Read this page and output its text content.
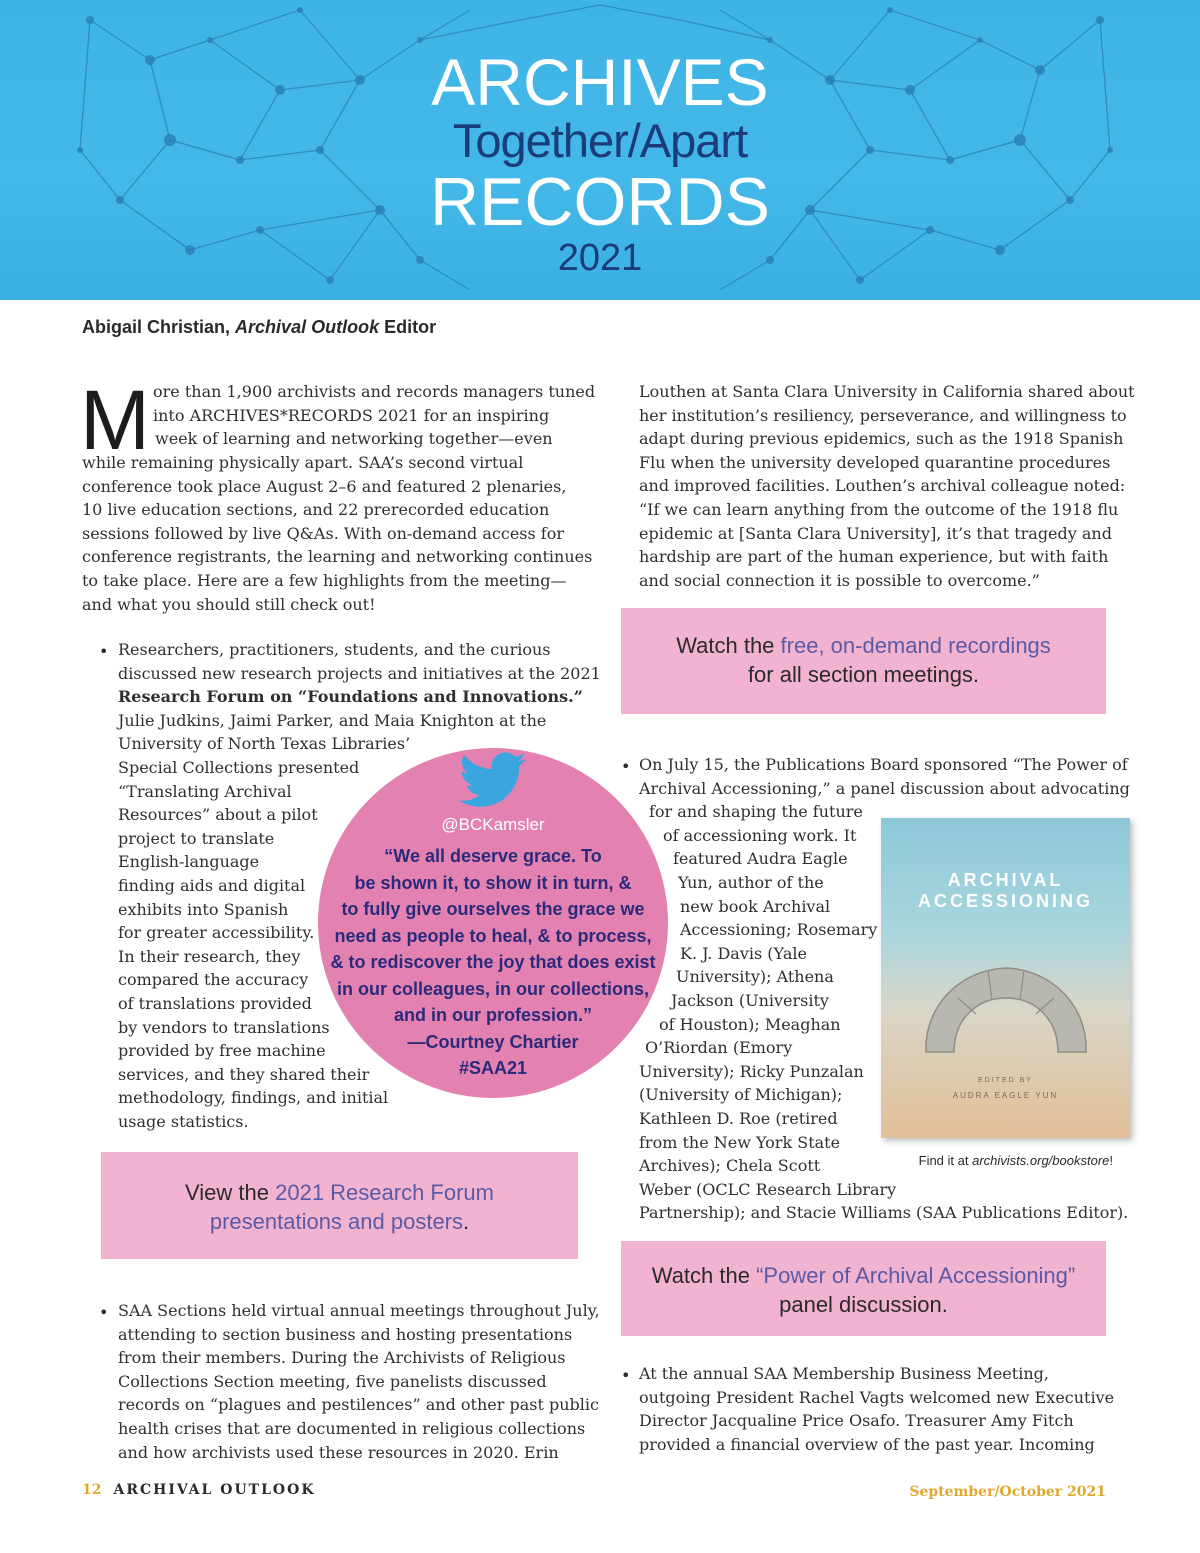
ARCHIVES
Together/Apart
RECORDS
2021
Abigail Christian, Archival Outlook Editor
M ore than 1,900 archivists and records managers tuned
into ARCHIVES*RECORDS 2021 for an inspiring
week of learning and networking together—even
while remaining physically apart. SAA’s second virtual
conference took place August 2–6 and featured 2 plenaries,
10 live education sections, and 22 prerecorded education
sessions followed by live Q&As. With on-demand access for
conference registrants, the learning and networking continues
to take place. Here are a few highlights from the meeting—
and what you should still check out!
• Researchers, practitioners, students, and the curious
discussed new research projects and initiatives at the 2021
Research Forum on “Foundations and Innovations.”
Julie Judkins, Jaimi Parker, and Maia Knighton at the
University of North Texas Libraries’
Special Collections presented
“Translating Archival
Resources” about a pilot
project to translate
English-language
finding aids and digital
exhibits into Spanish
for greater accessibility.
In their research, they
compared the accuracy
of translations provided
by vendors to translations
provided by free machine
services, and they shared their
methodology, findings, and initial
usage statistics.
@BCKamsler
“We all deserve grace. To
be shown it, to show it in turn, &
to fully give ourselves the grace we
need as people to heal, & to process,
& to rediscover the joy that does exist
in our colleagues, in our collections,
and in our profession.”
—Courtney Chartier
#SAA21
View the 2021 Research Forum
presentations and posters.
• SAA Sections held virtual annual meetings throughout July,
attending to section business and hosting presentations
from their members. During the Archivists of Religious
Collections Section meeting, five panelists discussed
records on “plagues and pestilences” and other past public
health crises that are documented in religious collections
and how archivists used these resources in 2020. Erin
Louthen at Santa Clara University in California shared about
her institution’s resiliency, perseverance, and willingness to
adapt during previous epidemics, such as the 1918 Spanish
Flu when the university developed quarantine procedures
and improved facilities. Louthen’s archival colleague noted:
“If we can learn anything from the outcome of the 1918 flu
epidemic at [Santa Clara University], it’s that tragedy and
hardship are part of the human experience, but with faith
and social connection it is possible to overcome.”
Watch the free, on-demand recordings
for all section meetings.
• On July 15, the Publications Board sponsored “The Power of
Archival Accessioning,” a panel discussion about advocating
for and shaping the future
of accessioning work. It
featured Audra Eagle
Yun, author of the
new book Archival
Accessioning; Rosemary
K. J. Davis (Yale
University); Athena
Jackson (University
of Houston); Meaghan
O’Riordan (Emory
University); Ricky Punzalan
(University of Michigan);
Kathleen D. Roe (retired
from the New York State
Archives); Chela Scott
Weber (OCLC Research Library
Partnership); and Stacie Williams (SAA Publications Editor).
ARCHIVAL
ACCESSIONING
EDITED BY
AUDRA EAGLE YUN
Find it at archivists.org/bookstore!
Watch the “Power of Archival Accessioning”
panel discussion.
• At the annual SAA Membership Business Meeting,
outgoing President Rachel Vagts welcomed new Executive
Director Jacqualine Price Osafo. Treasurer Amy Fitch
provided a financial overview of the past year. Incoming
12 ARCHIVAL OUTLOOK	September/October 2021
